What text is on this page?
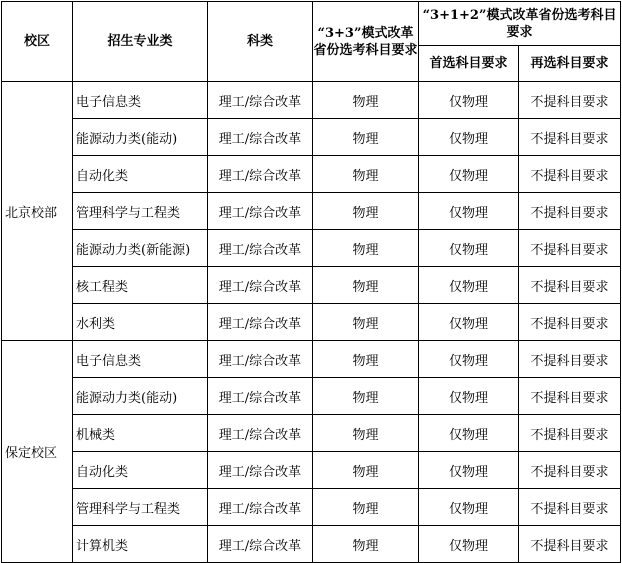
校区	招生专业类	科类	“3+3”模式改革省份选考科目要求	“3+1+2”模式改革省份选考科目要求	
				首选科目要求	再选科目要求
北京校部	电子信息类	理工/综合改革	物理	仅物理	不提科目要求
	能源动力类(能动)	理工/综合改革	物理	仅物理	不提科目要求
	自动化类	理工/综合改革	物理	仅物理	不提科目要求
	管理科学与工程类	理工/综合改革	物理	仅物理	不提科目要求
	能源动力类(新能源)	理工/综合改革	物理	仅物理	不提科目要求
	核工程类	理工/综合改革	物理	仅物理	不提科目要求
	水利类	理工/综合改革	物理	仅物理	不提科目要求
保定校区	电子信息类	理工/综合改革	物理	仅物理	不提科目要求
	能源动力类(能动)	理工/综合改革	物理	仅物理	不提科目要求
	机械类	理工/综合改革	物理	仅物理	不提科目要求
	自动化类	理工/综合改革	物理	仅物理	不提科目要求
	管理科学与工程类	理工/综合改革	物理	仅物理	不提科目要求
	计算机类	理工/综合改革	物理	仅物理	不提科目要求
